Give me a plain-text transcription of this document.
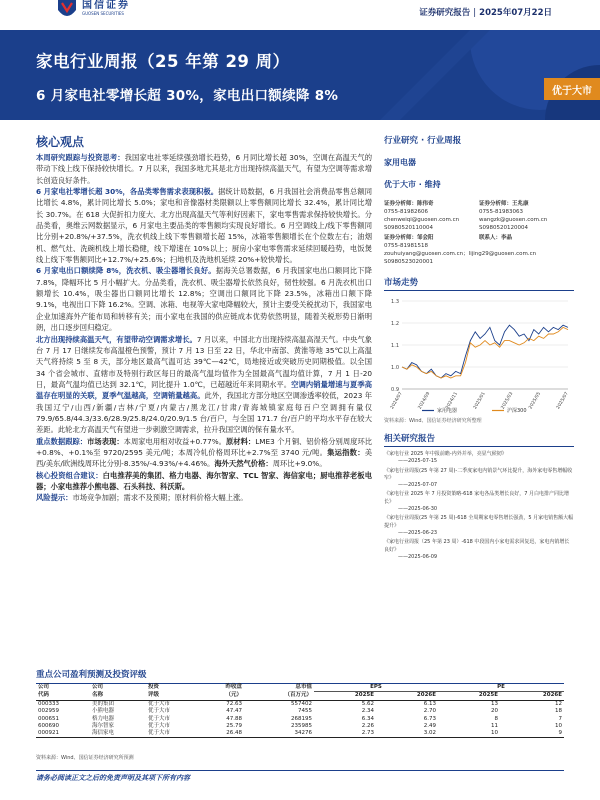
国信证券
GUOSEN SECURITIES	证券研究报告 | 2025年07月22日
家电行业周报（25 年第 29 周）
6 月家电社零增长超 30%，家电出口额续降 8%	优于大市
核心观点

本周研究跟踪与投资思考：我国家电社零延续强劲增长趋势，6 月同比增长超 30%，空调在高温天气的带动下线上线下保持较快增长。7 月以来，我国多地尤其是北方出现持续高温天气，有望为空调等需求增长创造良好条件。

6 月家电社零增长超 30%，各品类零售需求表现积极。据统计局数据，6 月我国社会消费品零售总额同比增长 4.8%，累计同比增长 5.0%；家电和音像器材类限额以上零售额同比增长 32.4%，累计同比增长 30.7%。在 618 大促折扣力度大、北方出现高温天气等利好因素下，家电零售需求保持较快增长。分品类看，奥维云网数据显示，6 月家电主要品类的零售额均实现良好增长。6 月空调线上/线下零售额同比分别+20.8%/+37.5%，洗衣机线上线下零售额增长超 15%，冰箱零售额增长在个位数左右；油烟机、燃气灶、洗碗机线上增长稳健，线下增速在 10%以上；厨房小家电零售需求延续回暖趋势，电饭煲线上线下零售额同比+12.7%/+25.6%；扫地机及洗地机延续 20%+较快增长。

6 月家电出口额续降 8%，洗衣机、吸尘器增长良好。据海关总署数据，6 月我国家电出口额同比下降 7.8%，降幅环比 5 月小幅扩大。分品类看，洗衣机、吸尘器增长依然良好，韧性较强。6 月洗衣机出口额增长 10.4%，吸尘器出口额同比增长 12.8%；空调出口额同比下降 23.5%，冰箱出口额下降 9.1%，电视出口下降 16.2%。空调、冰箱、电视等大家电降幅较大，预计主要受关税扰动下，我国家电企业加速海外产能布局和转移有关；而小家电在我国的供应链成本优势依然明显，随着关税形势日渐明朗，出口逐步回归稳定。

北方出现持续高温天气，有望带动空调需求增长。7 月以来，中国北方出现持续高温高湿天气。中央气象台 7 月 17 日继续发布高温橙色预警，预计 7 月 13 日至 22 日，华北中南部、黄淮等地 35℃以上高温天气将持续 5 至 8 天，部分地区最高气温可达 39℃—42℃，局地接近或突破历史同期极值。以全国 34 个省会城市、直辖市及特别行政区每日的最高气温均值作为全国最高气温均值计算，7 月 1 日-20 日，最高气温均值已达到 32.1℃，同比提升 1.0℃，已超越近年来同期水平。空调内销量增速与夏季高温存在明显的关联，夏季气温越高，空调销量越高。此外，我国北方部分地区空调渗透率较低，2023 年我国辽宁/山西/新疆/吉林/宁夏/内蒙古/黑龙江/甘肃/青海城镇家庭每百户空调拥有量仅 79.9/65.8/44.3/33.6/28.9/25.8/24.0/20.9/1.5 台/百户，与全国 171.7 台/百户的平均水平存在较大差距。此轮北方高温天气有望进一步刺激空调需求，拉升我国空调的保有量水平。

重点数据跟踪：市场表现：本周家电用相对收益+0.77%。原材料：LME3 个月铜、铝价格分别周度环比+0.8%、+0.1%至 9720/2595 美元/吨；本周冷轧价格周环比+2.7%至 3740 元/吨。集运指数：美西/美东/欧洲线周环比分别-8.35%/-4.93%/+4.46%。海外天然气价格：周环比+9.0%。

核心投资组合建议：白电推荐美的集团、格力电器、海尔智家、TCL 智家、海信家电；厨电推荐老板电器；小家电推荐小熊电器、石头科技、科沃斯。

风险提示：市场竞争加剧；需求不及预期；原材料价格大幅上涨。

行业研究 · 行业周报
家用电器
优于大市 · 维持
证券分析师：陈伟奇
0755-81982606
chenweiqi@guosen.com.cn
S0980520110004
证券分析师：王兆康
0755-81983063
wangzk@guosen.com.cn
S0980520120004
证券分析师：邹会阳
0755-81981518
联系人：李晶
zouhuiyang@guosen.com.cn；lijing29@guosen.com.cn
S0980523020001
市场走势
1.3
1.2
1.1
1.0
0.9
2024/07	2024/09	2024/11	2025/01	2025/03	2025/05	2025/07
家用电器	沪深300
资料来源：Wind、国信证券经济研究所整理
相关研究报告
《家电行业 2025 年中报前瞻-内外并举，亮显气候韧》
——2025-07-15
《家电行业周报(25 年第 27 周)-二季度家电内销景气环比提升，海外家电零售增幅收窄》
——2025-07-07
《家电行业 2025 年 7 月投资策略-618 家电各品类增长良好，7 月白电排产同比增长》
——2025-06-30
《家电行业周报(25 年第 25 周)-618 全周期家电零售增长强劲，5 月家电销售额大幅提升》
——2025-06-23
《家电行业周报（25 年第 23 周）-618 中段国内小家电需求回复迅，家电内销增长良好》
——2025-06-09
重点公司盈利预测及投资评级
公司	公司	投资	昨收盘	总市值	EPS		PE	
代码	名称	评级	（元）	（百万元）	2025E	2026E	2025E	2026E
000333	美的集团	优于大市	72.63	557402	5.62	6.13	13	12
002959	小熊电器	优于大市	47.47	7455	2.34	2.70	20	18
000651	格力电器	优于大市	47.88	268195	6.34	6.73	8	7
600690	海尔智家	优于大市	25.79	235985	2.26	2.49	11	10
000921	海信家电	优于大市	26.48	34276	2.73	3.02	10	9
资料来源：Wind、国信证券经济研究所预测
请务必阅读正文之后的免责声明及其项下所有内容
